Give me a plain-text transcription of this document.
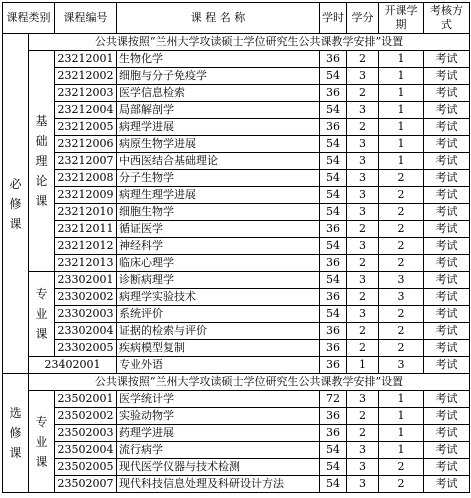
课程类别		课程编号	课 程 名 称	学时	学分	开课学期	考核方式
必修课	公共课按照“兰州大学攻读硕士学位研究生公共课教学安排”设置						
	基础理论课	23212001	生物化学	36	2	1	考试
		23212002	细胞与分子免疫学	54	3	1	考试
		23212003	医学信息检索	36	2	1	考试
		23212004	局部解剖学	54	3	1	考试
		23212005	病理学进展	36	2	1	考试
		23212006	病原生物学进展	54	3	1	考试
		23212007	中西医结合基础理论	54	3	1	考试
		23212008	分子生物学	54	3	2	考试
		23212009	病理生理学进展	54	3	2	考试
		23212010	细胞生物学	54	3	2	考试
		23212011	循证医学	36	2	2	考试
		23212012	神经科学	54	3	2	考试
		23212013	临床心理学	36	2	2	考试
	专业课	23302001	诊断病理学	54	3	3	考试
		23302002	病理学实验技术	36	2	3	考试
		23302003	系统评价	54	3	2	考试
		23302004	证据的检索与评价	36	2	2	考试
		23302005	疾病模型复制	36	2	2	考试
	23402001		专业外语	36	1	3	考试
选修课	公共课按照“兰州大学攻读硕士学位研究生公共课教学安排”设置						
	专业课	23502001	医学统计学	72	3	1	考试
		23502002	实验动物学	36	2	1	考试
		23502003	药理学进展	36	2	1	考试
		23502004	流行病学	54	3	1	考试
		23502005	现代医学仪器与技术检测	54	3	2	考试
		23502007	现代科技信息处理及科研设计方法	54	3	2	考试
